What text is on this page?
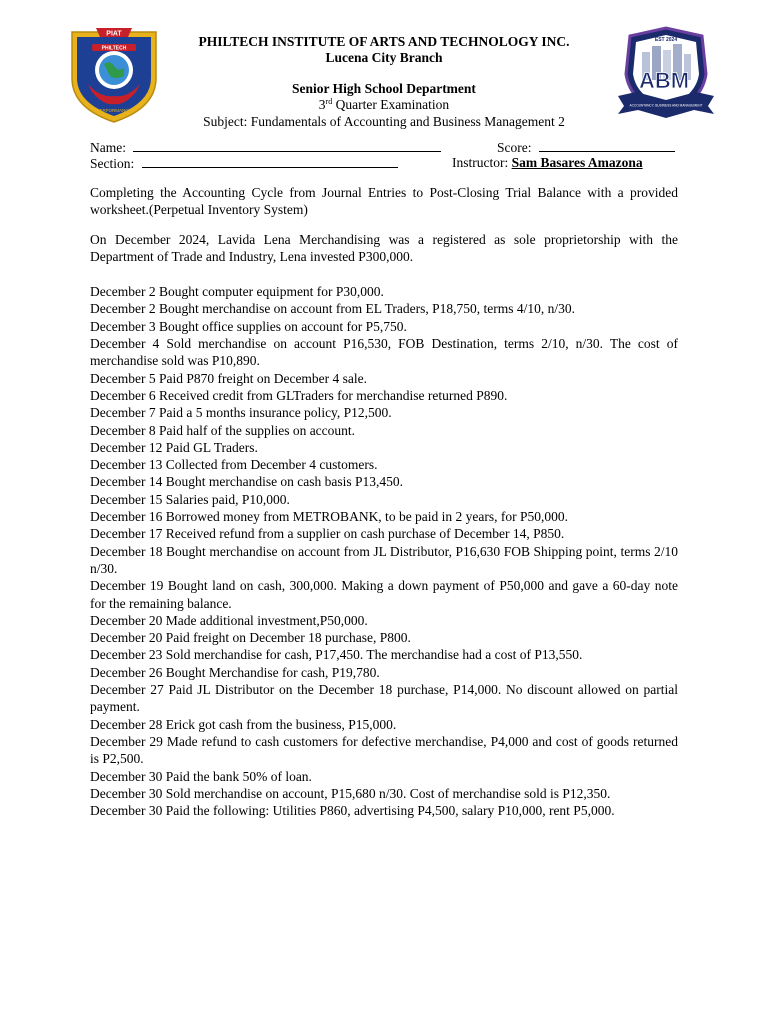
PIAT
PHILTECH
PERFORMANCE
PHILTECH INSTITUTE OF ARTS AND TECHNOLOGY INC.
Lucena City Branch
Senior High School Department
3rd Quarter Examination
Subject: Fundamentals of Accounting and Business Management 2
EST 2024
ABM
ACCOUNTANCY, BUSINESS AND MANAGEMENT
Name:	Score:
Section:	Instructor: Sam Basares Amazona

Completing the Accounting Cycle from Journal Entries to Post-Closing Trial Balance with a provided worksheet.(Perpetual Inventory System)

On December 2024, Lavida Lena Merchandising was a registered as sole proprietorship with the Department of Trade and Industry, Lena invested P300,000.

December 2 Bought computer equipment for P30,000.

December 2 Bought merchandise on account from EL Traders, P18,750, terms 4/10, n/30.

December 3 Bought office supplies on account for P5,750.

December 4 Sold merchandise on account P16,530, FOB Destination, terms 2/10, n/30. The cost of merchandise sold was P10,890.

December 5 Paid P870 freight on December 4 sale.

December 6 Received credit from GLTraders for merchandise returned P890.

December 7 Paid a 5 months insurance policy, P12,500.

December 8 Paid half of the supplies on account.

December 12 Paid GL Traders.

December 13 Collected from December 4 customers.

December 14 Bought merchandise on cash basis P13,450.

December 15 Salaries paid, P10,000.

December 16 Borrowed money from METROBANK, to be paid in 2 years, for P50,000.

December 17 Received refund from a supplier on cash purchase of December 14, P850.

December 18 Bought merchandise on account from JL Distributor, P16,630 FOB Shipping point, terms 2/10 n/30.

December 19 Bought land on cash, 300,000. Making a down payment of P50,000 and gave a 60-day note for the remaining balance.

December 20 Made additional investment,P50,000.

December 20 Paid freight on December 18 purchase, P800.

December 23 Sold merchandise for cash, P17,450. The merchandise had a cost of P13,550.

December 26 Bought Merchandise for cash, P19,780.

December 27 Paid JL Distributor on the December 18 purchase, P14,000. No discount allowed on partial payment.

December 28 Erick got cash from the business, P15,000.

December 29 Made refund to cash customers for defective merchandise, P4,000 and cost of goods returned is P2,500.

December 30 Paid the bank 50% of loan.

December 30 Sold merchandise on account, P15,680 n/30. Cost of merchandise sold is P12,350.

December 30 Paid the following: Utilities P860, advertising P4,500, salary P10,000, rent P5,000.
